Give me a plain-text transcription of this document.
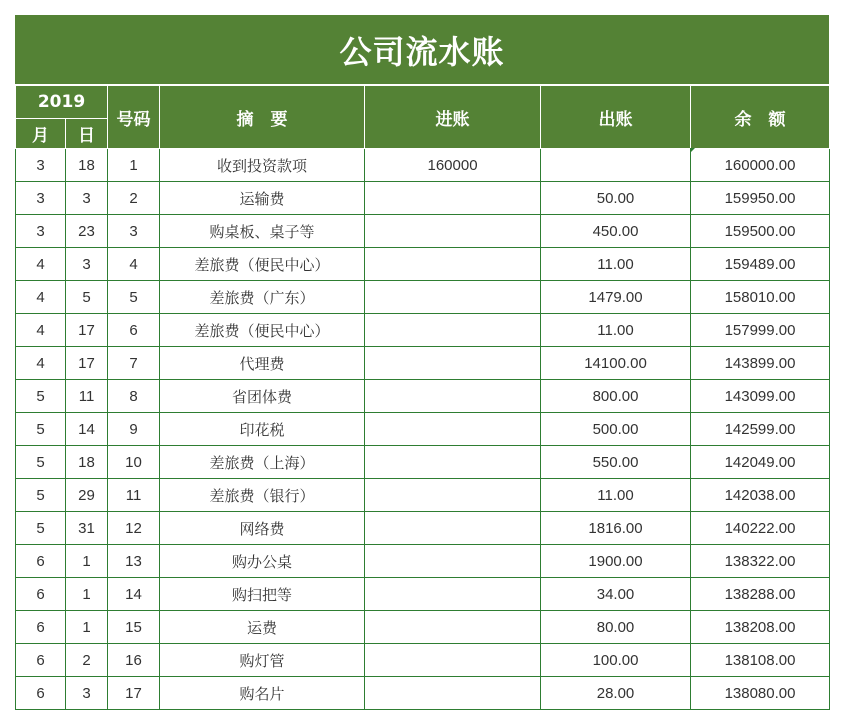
公司流水账
2019		号码	摘　要	进账	出账	余　额
月	日					
3	18	1	收到投资款项	160000		160000.00
3	3	2	运输费		50.00	159950.00
3	23	3	购桌板、桌子等		450.00	159500.00
4	3	4	差旅费（便民中心）		11.00	159489.00
4	5	5	差旅费（广东）		1479.00	158010.00
4	17	6	差旅费（便民中心）		11.00	157999.00
4	17	7	代理费		14100.00	143899.00
5	11	8	省团体费		800.00	143099.00
5	14	9	印花税		500.00	142599.00
5	18	10	差旅费（上海）		550.00	142049.00
5	29	11	差旅费（银行）		11.00	142038.00
5	31	12	网络费		1816.00	140222.00
6	1	13	购办公桌		1900.00	138322.00
6	1	14	购扫把等		34.00	138288.00
6	1	15	运费		80.00	138208.00
6	2	16	购灯管		100.00	138108.00
6	3	17	购名片		28.00	138080.00
